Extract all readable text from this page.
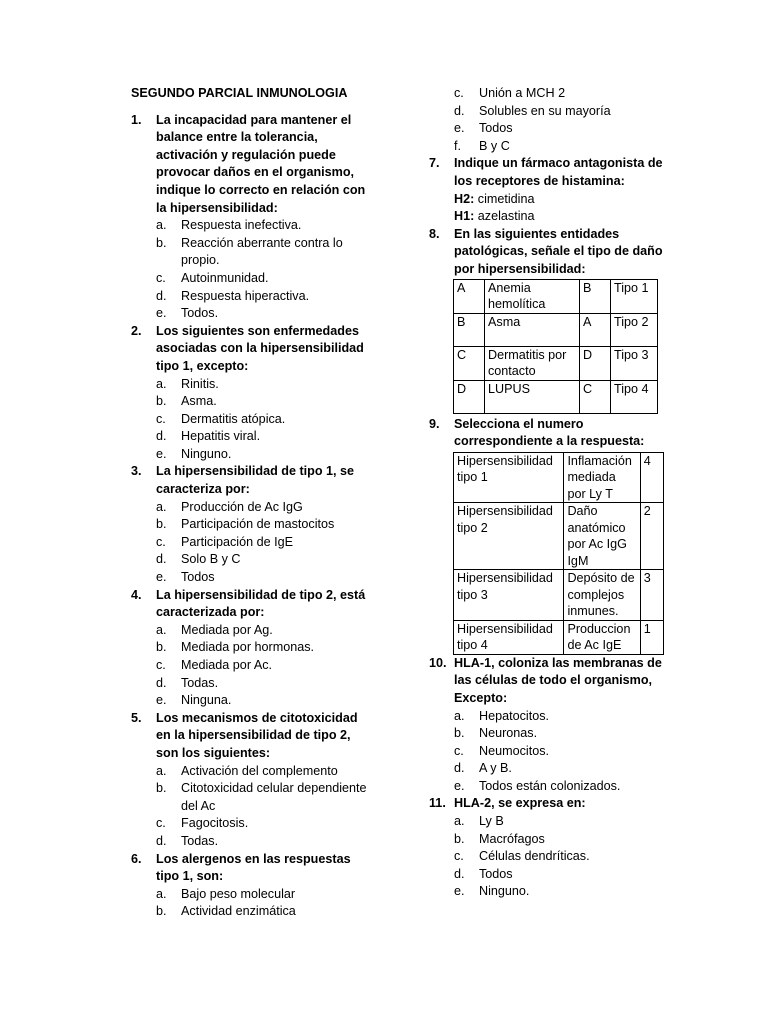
SEGUNDO PARCIAL INMUNOLOGIA
1.	La incapacidad para mantener el balance entre la tolerancia, activación y regulación puede provocar daños en el organismo, indique lo correcto en relación con la hipersensibilidad:
a.	Respuesta inefectiva.
b.	Reacción aberrante contra lo propio.
c.	Autoinmunidad.
d.	Respuesta hiperactiva.
e.	Todos.
2.	Los siguientes son enfermedades asociadas con la hipersensibilidad tipo 1, excepto:
a.	Rinitis.
b.	Asma.
c.	Dermatitis atópica.
d.	Hepatitis viral.
e.	Ninguno.
3.	La hipersensibilidad de tipo 1, se caracteriza por:
a.	Producción de Ac IgG
b.	Participación de mastocitos
c.	Participación de IgE
d.	Solo B y C
e.	Todos
4.	La hipersensibilidad de tipo 2, está caracterizada por:
a.	Mediada por Ag.
b.	Mediada por hormonas.
c.	Mediada por Ac.
d.	Todas.
e.	Ninguna.
5.	Los mecanismos de citotoxicidad en la hipersensibilidad de tipo 2, son los siguientes:
a.	Activación del complemento
b.	Citotoxicidad celular dependiente del Ac
c.	Fagocitosis.
d.	Todas.
6.	Los alergenos en las respuestas tipo 1, son:
a.	Bajo peso molecular
b.	Actividad enzimática
c.	Unión a MCH 2
d.	Solubles en su mayoría
e.	Todos
f.	B y C
7.	Indique un fármaco antagonista de los receptores de histamina:
H2: cimetidina
H1: azelastina
8.	En las siguientes entidades patológicas, señale el tipo de daño por hipersensibilidad:
A	Anemia hemolítica	B	Tipo 1
B	Asma	A	Tipo 2
C	Dermatitis por contacto	D	Tipo 3
D	LUPUS	C	Tipo 4
9.	Selecciona el numero correspondiente a la respuesta:
Hipersensibilidad tipo 1	Inflamación mediada por Ly T	4
Hipersensibilidad tipo 2	Daño anatómico por Ac IgG IgM	2
Hipersensibilidad tipo 3	Depósito de complejos inmunes.	3
Hipersensibilidad tipo 4	Produccion de Ac IgE	1
10. HLA-1, coloniza las membranas de las células de todo el organismo, Excepto:
a.	Hepatocitos.
b.	Neuronas.
c.	Neumocitos.
d.	A y B.
e.	Todos están colonizados.
11. HLA-2, se expresa en:
a.	Ly B
b.	Macrófagos
c.	Células dendríticas.
d.	Todos
e.	Ninguno.
